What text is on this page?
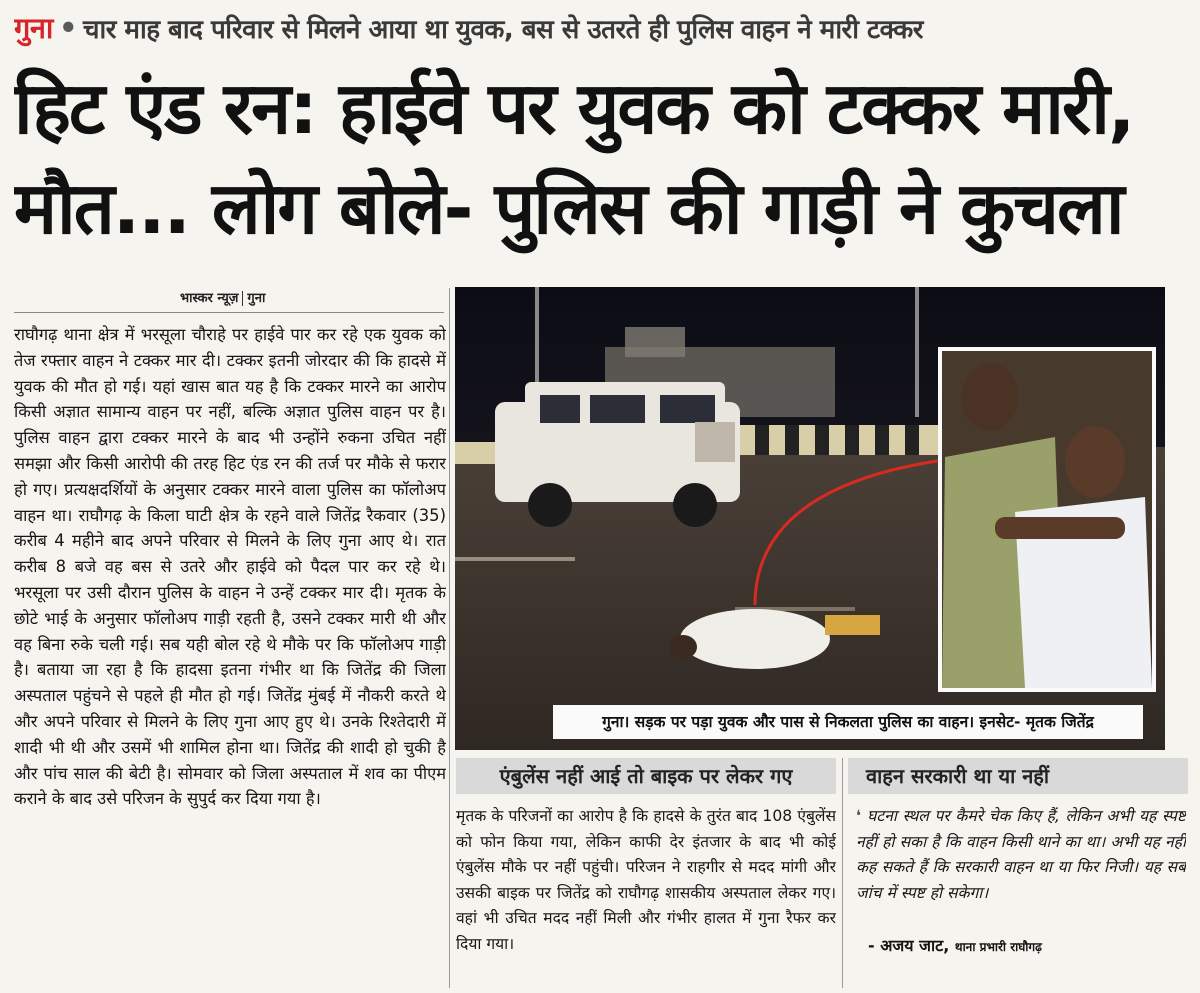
गुना • चार माह बाद परिवार से मिलने आया था युवक, बस से उतरते ही पुलिस वाहन ने मारी टक्कर
हिट एंड रन: हाईवे पर युवक को टक्कर मारी,
मौत... लोग बोले- पुलिस की गाड़ी ने कुचला
भास्कर न्यूज़ गुना
राघौगढ़ थाना क्षेत्र में भरसूला चौराहे पर हाईवे पार कर रहे एक युवक को तेज रफ्तार वाहन ने टक्कर मार दी। टक्कर इतनी जोरदार की कि हादसे में युवक की मौत हो गई। यहां खास बात यह है कि टक्कर मारने का आरोप किसी अज्ञात सामान्य वाहन पर नहीं, बल्कि अज्ञात पुलिस वाहन पर है। पुलिस वाहन द्वारा टक्कर मारने के बाद भी उन्होंने रुकना उचित नहीं समझा और किसी आरोपी की तरह हिट एंड रन की तर्ज पर मौके से फरार हो गए। प्रत्यक्षदर्शियों के अनुसार टक्कर मारने वाला पुलिस का फॉलोअप वाहन था। राघौगढ़ के किला घाटी क्षेत्र के रहने वाले जितेंद्र रैकवार (35) करीब 4 महीने बाद अपने परिवार से मिलने के लिए गुना आए थे। रात करीब 8 बजे वह बस से उतरे और हाईवे को पैदल पार कर रहे थे। भरसूला पर उसी दौरान पुलिस के वाहन ने उन्हें टक्कर मार दी। मृतक के छोटे भाई के अनुसार फॉलोअप गाड़ी रहती है, उसने टक्कर मारी थी और वह बिना रुके चली गई। सब यही बोल रहे थे मौके पर कि फॉलोअप गाड़ी है। बताया जा रहा है कि हादसा इतना गंभीर था कि जितेंद्र की जिला अस्पताल पहुंचने से पहले ही मौत हो गई। जितेंद्र मुंबई में नौकरी करते थे और अपने परिवार से मिलने के लिए गुना आए हुए थे। उनके रिश्तेदारी में शादी भी थी और उसमें भी शामिल होना था। जितेंद्र की शादी हो चुकी है और पांच साल की बेटी है। सोमवार को जिला अस्पताल में शव का पीएम कराने के बाद उसे परिजन के सुपुर्द कर दिया गया है।
गुना। सड़क पर पड़ा युवक और पास से निकलता पुलिस का वाहन। इनसेट- मृतक जितेंद्र
एंबुलेंस नहीं आई तो बाइक पर लेकर गए
मृतक के परिजनों का आरोप है कि हादसे के तुरंत बाद 108 एंबुलेंस को फोन किया गया, लेकिन काफी देर इंतजार के बाद भी कोई एंबुलेंस मौके पर नहीं पहुंची। परिजन ने राहगीर से मदद मांगी और उसकी बाइक पर जितेंद्र को राघौगढ़ शासकीय अस्पताल लेकर गए। वहां भी उचित मदद नहीं मिली और गंभीर हालत में गुना रैफर कर दिया गया।
वाहन सरकारी था या नहीं
❛ घटना स्थल पर कैमरे चेक किए हैं, लेकिन अभी यह स्पष्ट नहीं हो सका है कि वाहन किसी थाने का था। अभी यह नहीं कह सकते हैं कि सरकारी वाहन था या फिर निजी। यह सब जांच में स्पष्ट हो सकेगा।
- अजय जाट, थाना प्रभारी राघौगढ़
